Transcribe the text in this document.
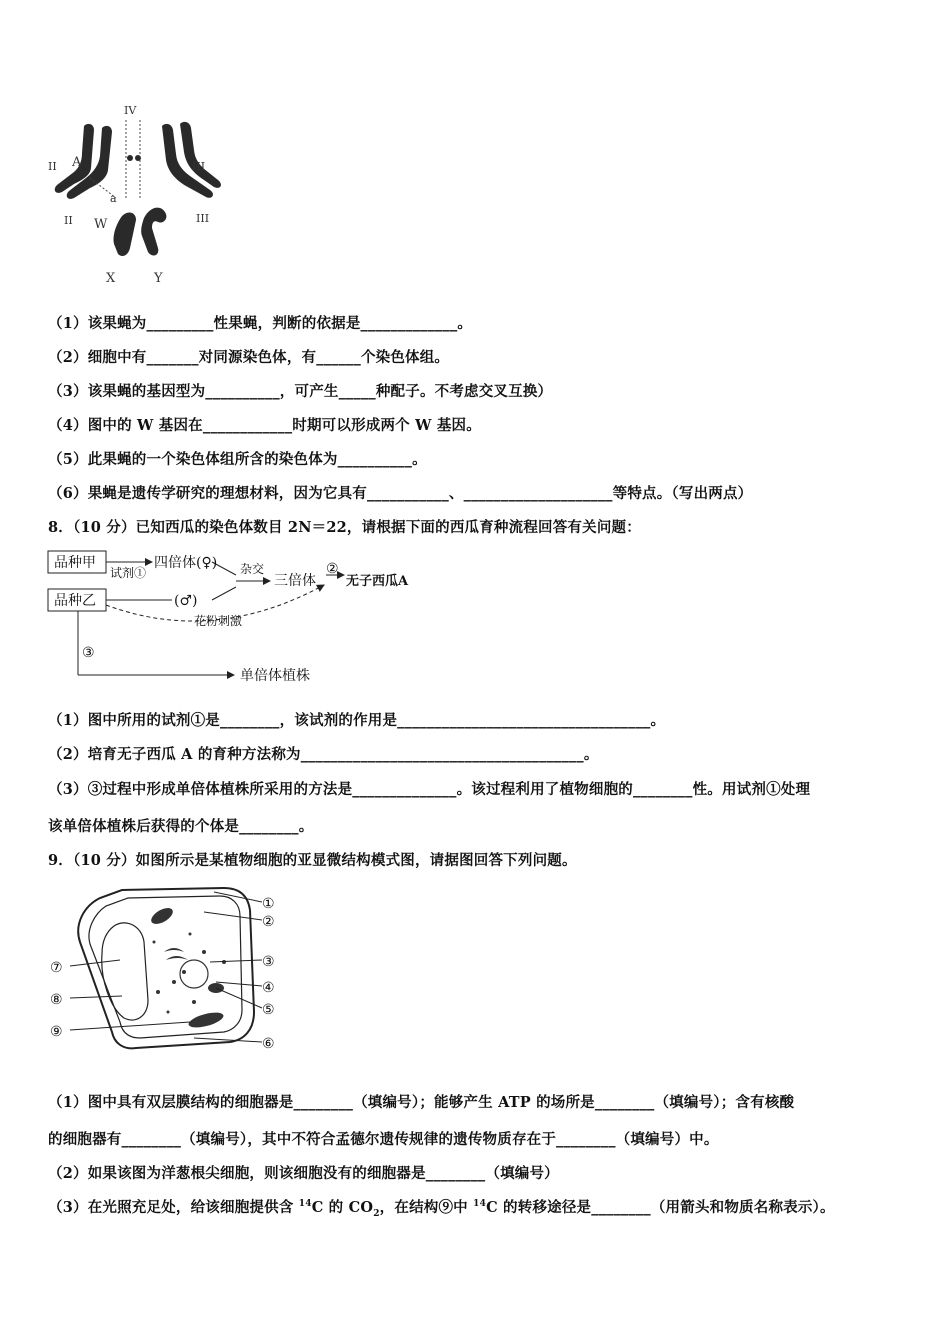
IV
II A	III
a
II W	III
X	Y
（1）该果蝇为_________性果蝇，判断的依据是_____________。
（2）细胞中有_______对同源染色体，有______个染色体组。
（3）该果蝇的基因型为__________，可产生_____种配子。不考虑交叉互换）
（4）图中的 W 基因在____________时期可以形成两个 W 基因。
（5）此果蝇的一个染色体组所含的染色体为__________。
（6）果蝇是遗传学研究的理想材料，因为它具有___________、____________________等特点。（写出两点）
8．（10 分）已知西瓜的染色体数目 2N＝22，请根据下面的西瓜育种流程回答有关问题：
品种甲
品种乙
试剂①
四倍体(♀)
(♂)
杂交
三倍体
②
无子西瓜A
花粉刺激
③
单倍体植株
（1）图中所用的试剂①是________，该试剂的作用是__________________________________。
（2）培育无子西瓜 A 的育种方法称为______________________________________。
（3）③过程中形成单倍体植株所采用的方法是______________。该过程利用了植物细胞的________性。用试剂①处理
该单倍体植株后获得的个体是________。
9．（10 分）如图所示是某植物细胞的亚显微结构模式图，请据图回答下列问题。
①
②
③
④
⑤
⑥
⑦
⑧
⑨
（1）图中具有双层膜结构的细胞器是________（填编号）；能够产生 ATP 的场所是________（填编号）；含有核酸
的细胞器有________（填编号），其中不符合孟德尔遗传规律的遗传物质存在于________（填编号）中。
（2）如果该图为洋葱根尖细胞，则该细胞没有的细胞器是________（填编号）
（3）在光照充足处，给该细胞提供含 $^{14}$C 的 $CO_2$，在结构⑨中 $^{14}$C 的转移途径是________（用箭头和物质名称表示）。
